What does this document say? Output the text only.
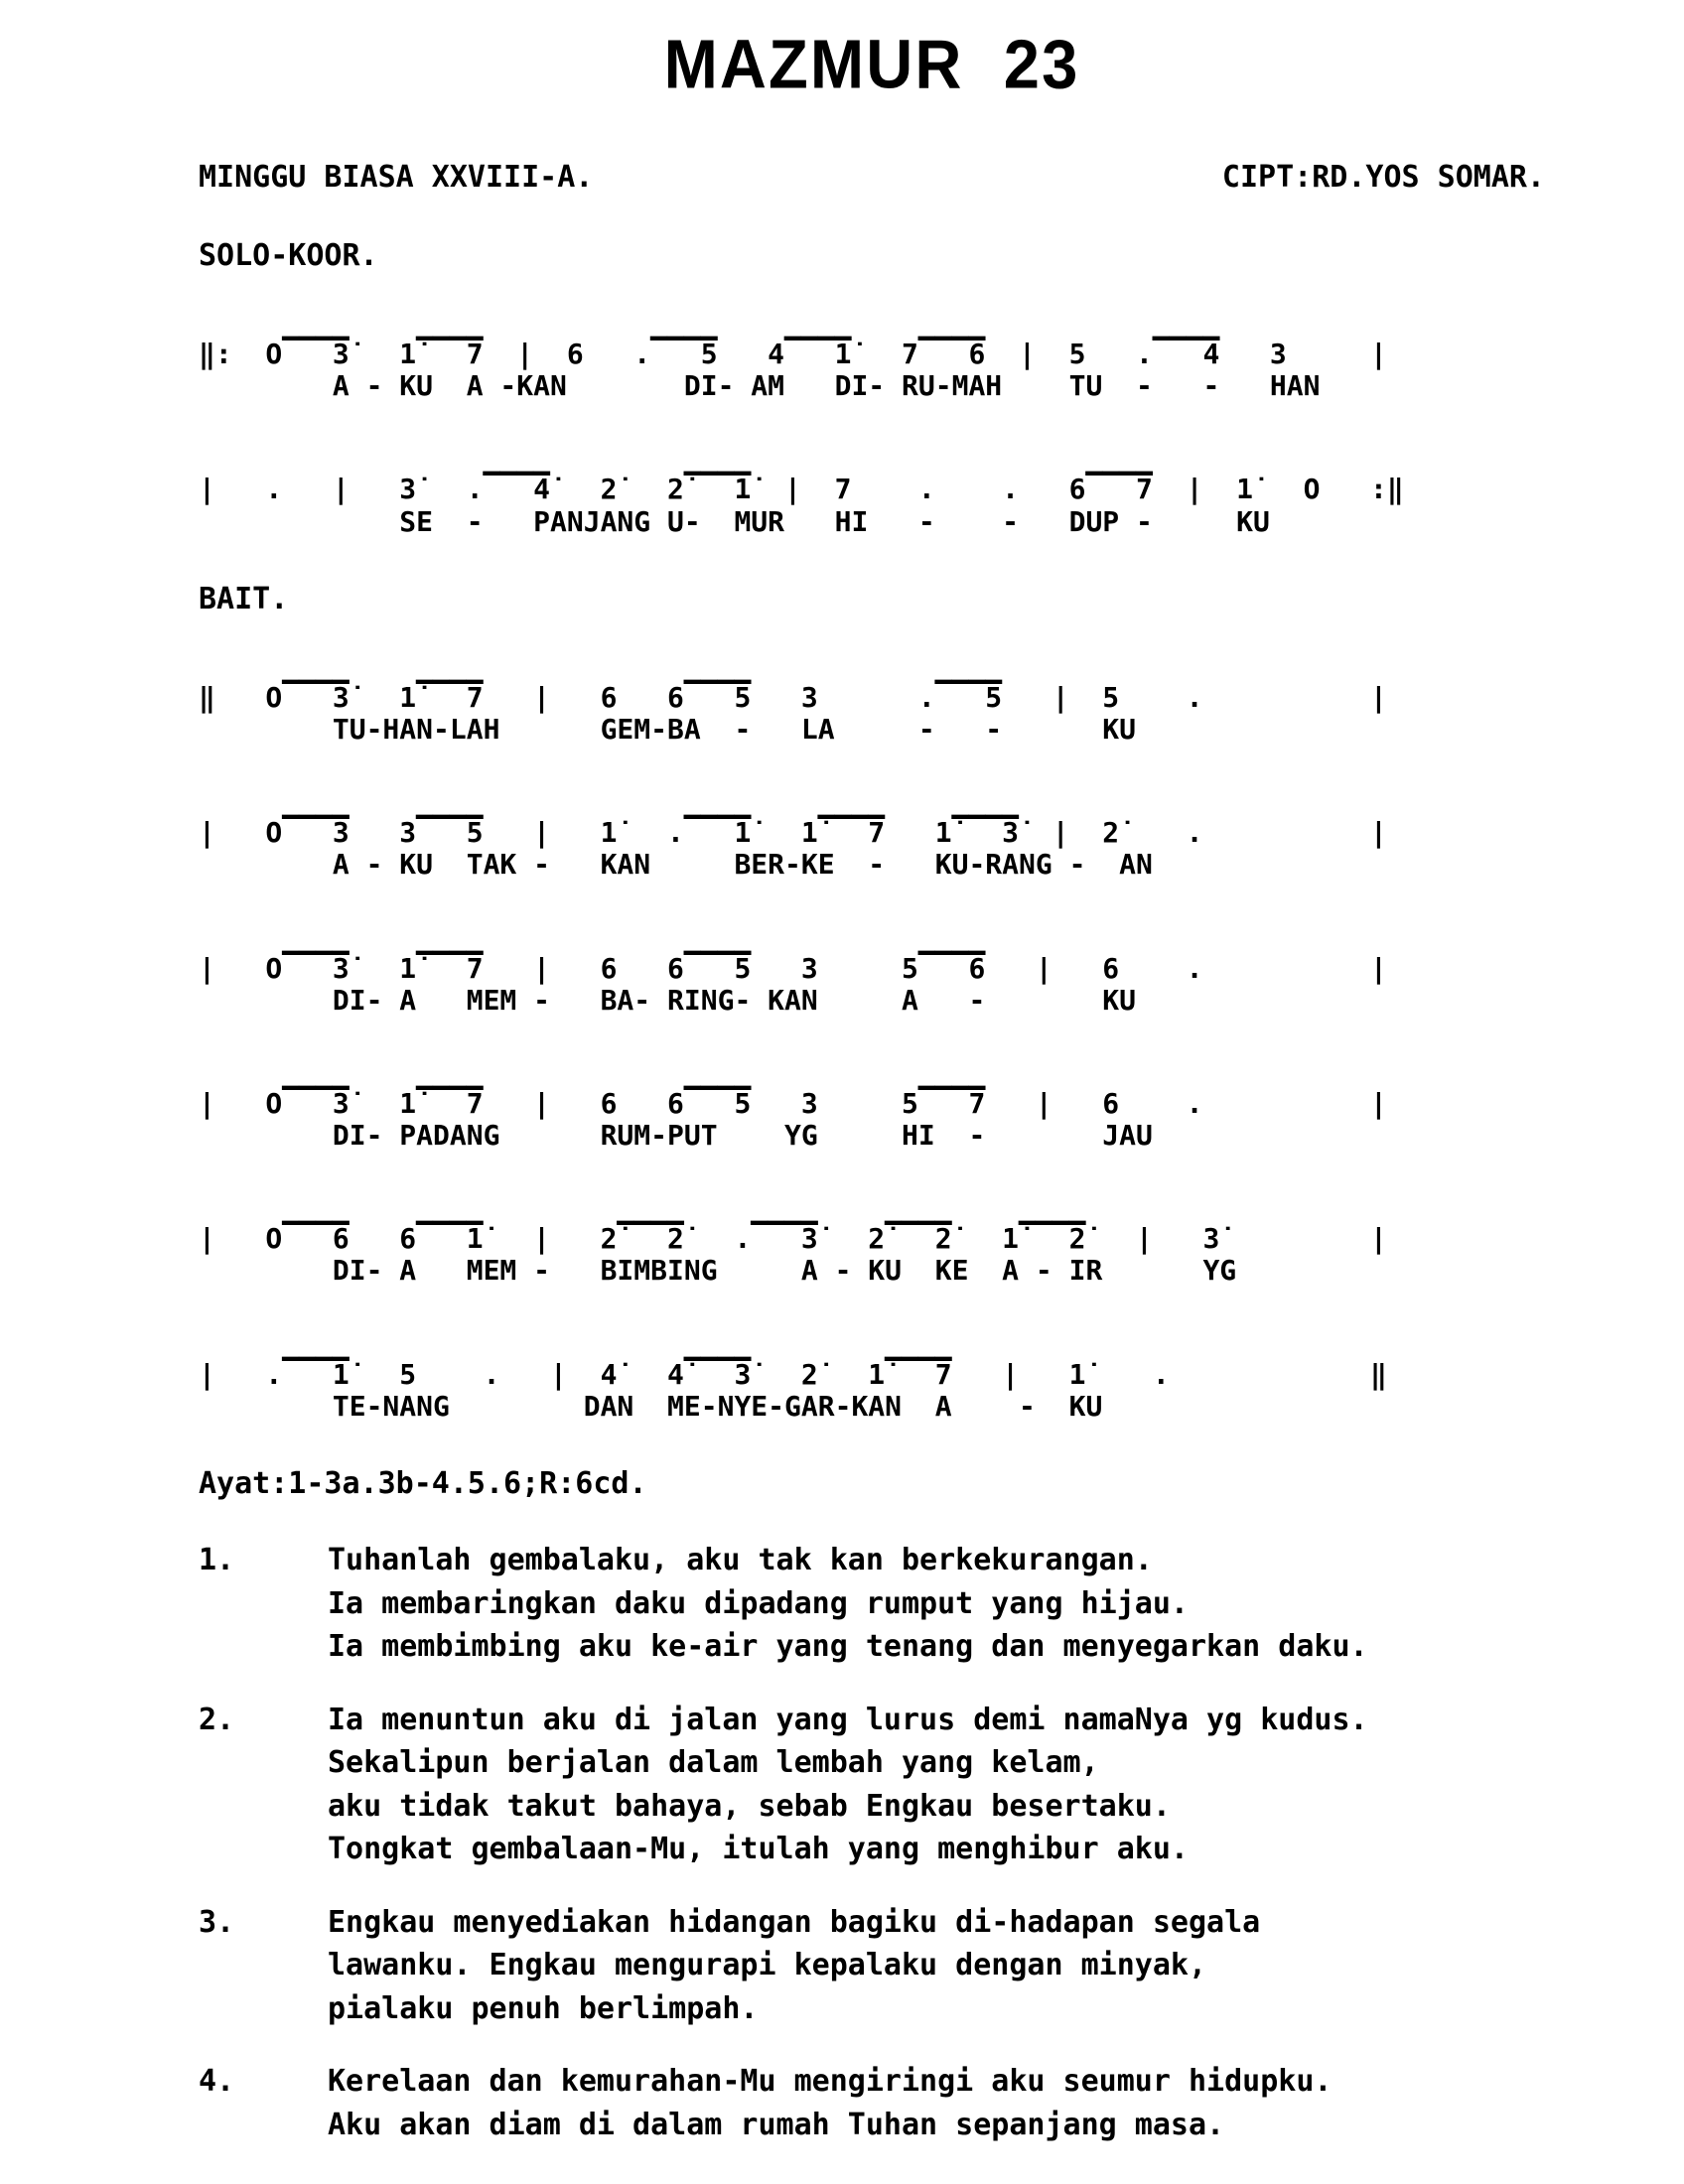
MAZMUR  23
MINGGU BIASA XXVIII-A.	CIPT:RD.YOS SOMAR.
SOLO-KOOR.
▁▁▁▁    ▁▁▁▁          ▁▁▁▁    ▁▁▁▁    ▁▁▁▁          ▁▁▁▁
‖:  O   3̇   1̇   7  |  6   .   5   4   1̇   7   6  |  5   .   4   3     |
A - KU  A -KAN       DI- AM   DI- RU-MAH    TU  -   -   HAN
▁▁▁▁        ▁▁▁▁                    ▁▁▁▁
|   .   |   3̇   .   4̇   2̇   2̇   1̇  |  7    .    .   6   7  |  1̇   O   :‖
SE  -   PANJANG U-  MUR   HI   -    -   DUP -     KU
BAIT.
▁▁▁▁    ▁▁▁▁            ▁▁▁▁           ▁▁▁▁
‖   O   3̇   1̇   7   |   6   6   5   3      .   5   |  5    .          |
TU-HAN-LAH      GEM-BA  -   LA     -   -      KU
▁▁▁▁    ▁▁▁▁            ▁▁▁▁    ▁▁▁▁    ▁▁▁▁
|   O   3   3   5   |   1̇   .   1̇   1̇   7   1̇   3̇  |  2̇    .          |
A - KU  TAK -   KAN     BER-KE  -   KU-RANG -  AN
▁▁▁▁    ▁▁▁▁            ▁▁▁▁          ▁▁▁▁
|   O   3̇   1̇   7   |   6   6   5   3     5   6   |   6    .          |
DI- A   MEM -   BA- RING- KAN     A   -       KU
▁▁▁▁    ▁▁▁▁            ▁▁▁▁          ▁▁▁▁
|   O   3̇   1̇   7   |   6   6   5   3     5   7   |   6    .          |
DI- PADANG      RUM-PUT    YG     HI  -       JAU
▁▁▁▁    ▁▁▁▁        ▁▁▁▁    ▁▁▁▁    ▁▁▁▁    ▁▁▁▁
|   O   6   6   1̇   |   2̇   2̇   .   3̇   2̇   2̇   1̇   2̇   |   3̇         |
DI- A   MEM -   BIMBING     A - KU  KE  A - IR      YG
▁▁▁▁                    ▁▁▁▁        ▁▁▁▁
|   .   1̇   5    .   |  4̇   4̇   3̇   2̇   1̇   7   |   1̇    .            ‖
TE-NANG        DAN  ME-NYE-GAR-KAN  A    -  KU
Ayat:1-3a.3b-4.5.6;R:6cd.
1.	Tuhanlah gembalaku, aku tak kan berkekurangan.
Ia membaringkan daku dipadang rumput yang hijau.
Ia membimbing aku ke-air yang tenang dan menyegarkan daku.
2.	Ia menuntun aku di jalan yang lurus demi namaNya yg kudus.
Sekalipun berjalan dalam lembah yang kelam,
aku tidak takut bahaya, sebab Engkau besertaku.
Tongkat gembalaan-Mu, itulah yang menghibur aku.
3.	Engkau menyediakan hidangan bagiku di-hadapan segala
lawanku. Engkau mengurapi kepalaku dengan minyak,
pialaku penuh berlimpah.
4.	Kerelaan dan kemurahan-Mu mengiringi aku seumur hidupku.
Aku akan diam di dalam rumah Tuhan sepanjang masa.
